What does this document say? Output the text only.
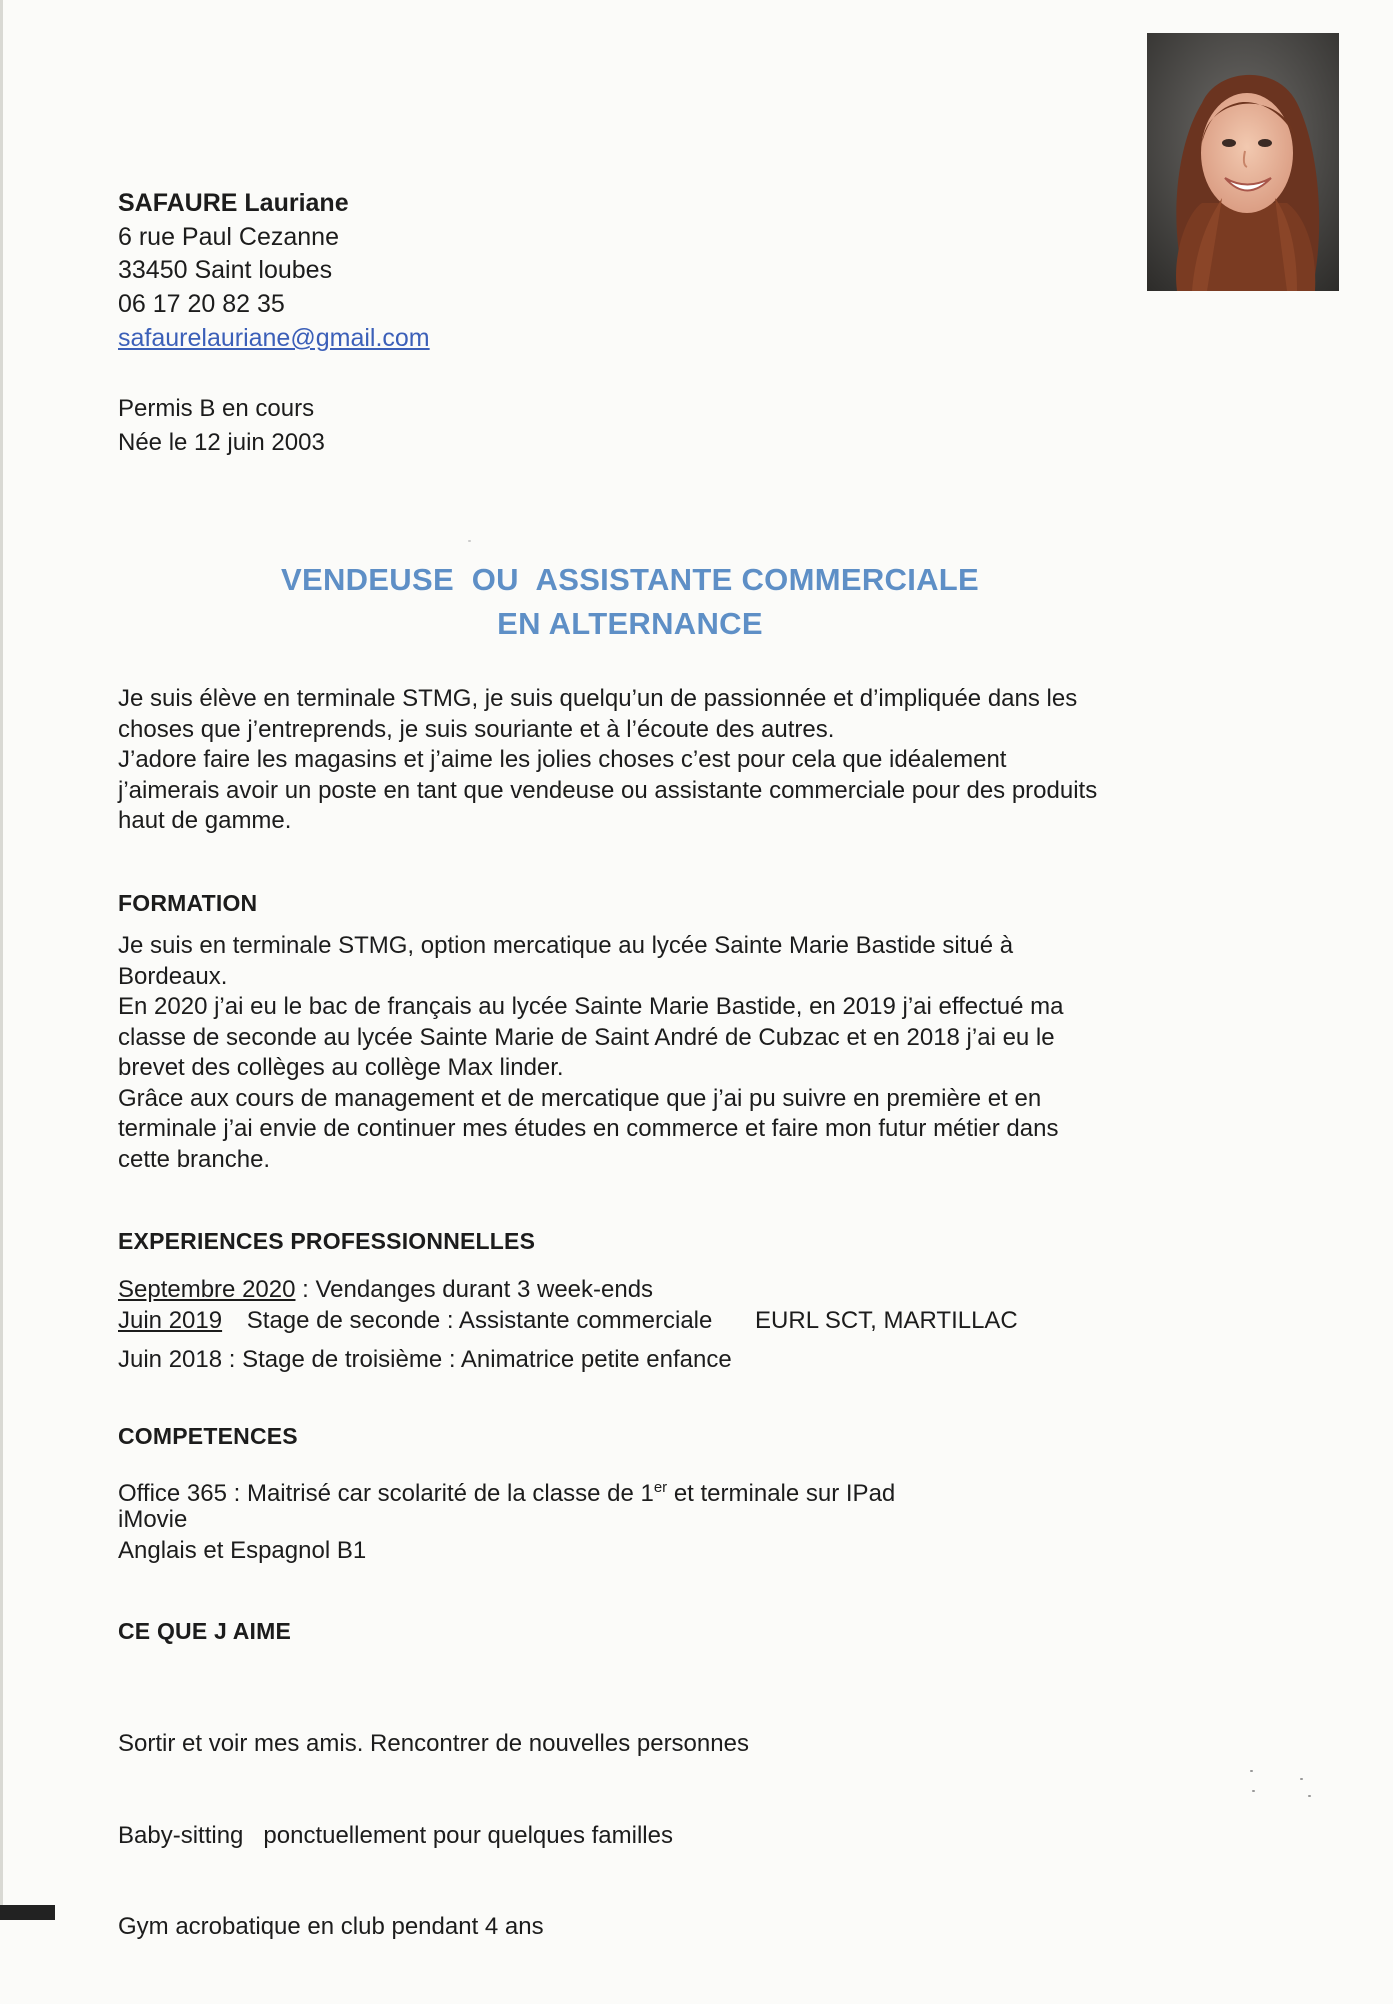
SAFAURE Lauriane
6 rue Paul Cezanne
33450 Saint loubes
06 17 20 82 35
safaurelauriane@gmail.com
Permis B en cours
Née le 12 juin 2003
VENDEUSE  OU  ASSISTANTE COMMERCIALE
EN ALTERNANCE
Je suis élève en terminale STMG, je suis quelqu’un de passionnée et d’impliquée dans les
choses que j’entreprends, je suis souriante et à l’écoute des autres.
J’adore faire les magasins et j’aime les jolies choses c’est pour cela que idéalement
j’aimerais avoir un poste en tant que vendeuse ou assistante commerciale pour des produits
haut de gamme.
FORMATION
Je suis en terminale STMG, option mercatique au lycée Sainte Marie Bastide situé à
Bordeaux.
En 2020 j’ai eu le bac de français au lycée Sainte Marie Bastide, en 2019 j’ai effectué ma
classe de seconde au lycée Sainte Marie de Saint André de Cubzac et en 2018 j’ai eu le
brevet des collèges au collège Max linder.
Grâce aux cours de management et de mercatique que j’ai pu suivre en première et en
terminale j’ai envie de continuer mes études en commerce et faire mon futur métier dans
cette branche.
EXPERIENCES PROFESSIONNELLES
Septembre 2020 : Vendanges durant 3 week-ends
Juin 2019 Stage de seconde : Assistante commerciale EURL SCT, MARTILLAC
Juin 2018 : Stage de troisième : Animatrice petite enfance
COMPETENCES
Office 365 : Maitrisé car scolarité de la classe de 1er et terminale sur IPad
iMovie
Anglais et Espagnol B1
CE QUE J AIME

Sortir et voir mes amis. Rencontrer de nouvelles personnes

Baby-sitting   ponctuellement pour quelques familles

Gym acrobatique en club pendant 4 ans
